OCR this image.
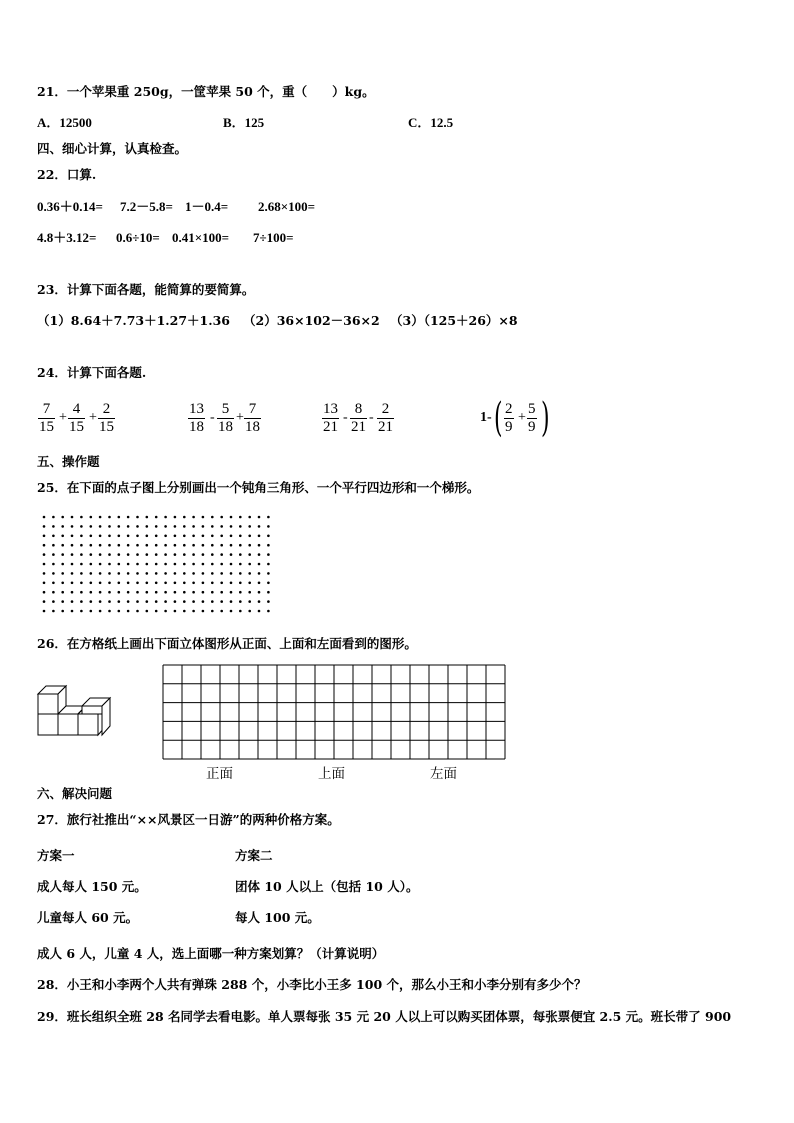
21．一个苹果重 250g，一筐苹果 50 个，重（　　）kg。
A．12500	B．125	C．12.5
四、细心计算，认真检查。
22．口算.
0.36＋0.14= 7.2－5.8= 1－0.4= 2.68×100=
4.8＋3.12= 0.6÷10= 0.41×100= 7÷100=
23．计算下面各题，能简算的要简算。
（1）8.64＋7.73＋1.27＋1.36 （2）36×102－36×2 （3）（125＋26）×8
24．计算下面各题.
7
15
+
4
15
+
2
15
13
18
-
5
18
+
7
18
13
21
-
8
21
-
2
21
1- ( 2
9
+
5
9 )
五、操作题
25．在下面的点子图上分别画出一个钝角三角形、一个平行四边形和一个梯形。
26．在方格纸上画出下面立体图形从正面、上面和左面看到的图形。
正面	上面	左面
六、解决问题
27．旅行社推出“××风景区一日游”的两种价格方案。
方案一	方案二
成人每人 150 元。	团体 10 人以上（包括 10 人）。
儿童每人 60 元。	每人 100 元。
成人 6 人，儿童 4 人，选上面哪一种方案划算？（计算说明）
28．小王和小李两个人共有弹珠 288 个，小李比小王多 100 个，那么小王和小李分别有多少个？
29．班长组织全班 28 名同学去看电影。单人票每张 35 元 20 人以上可以购买团体票，每张票便宜 2.5 元。班长带了 900
